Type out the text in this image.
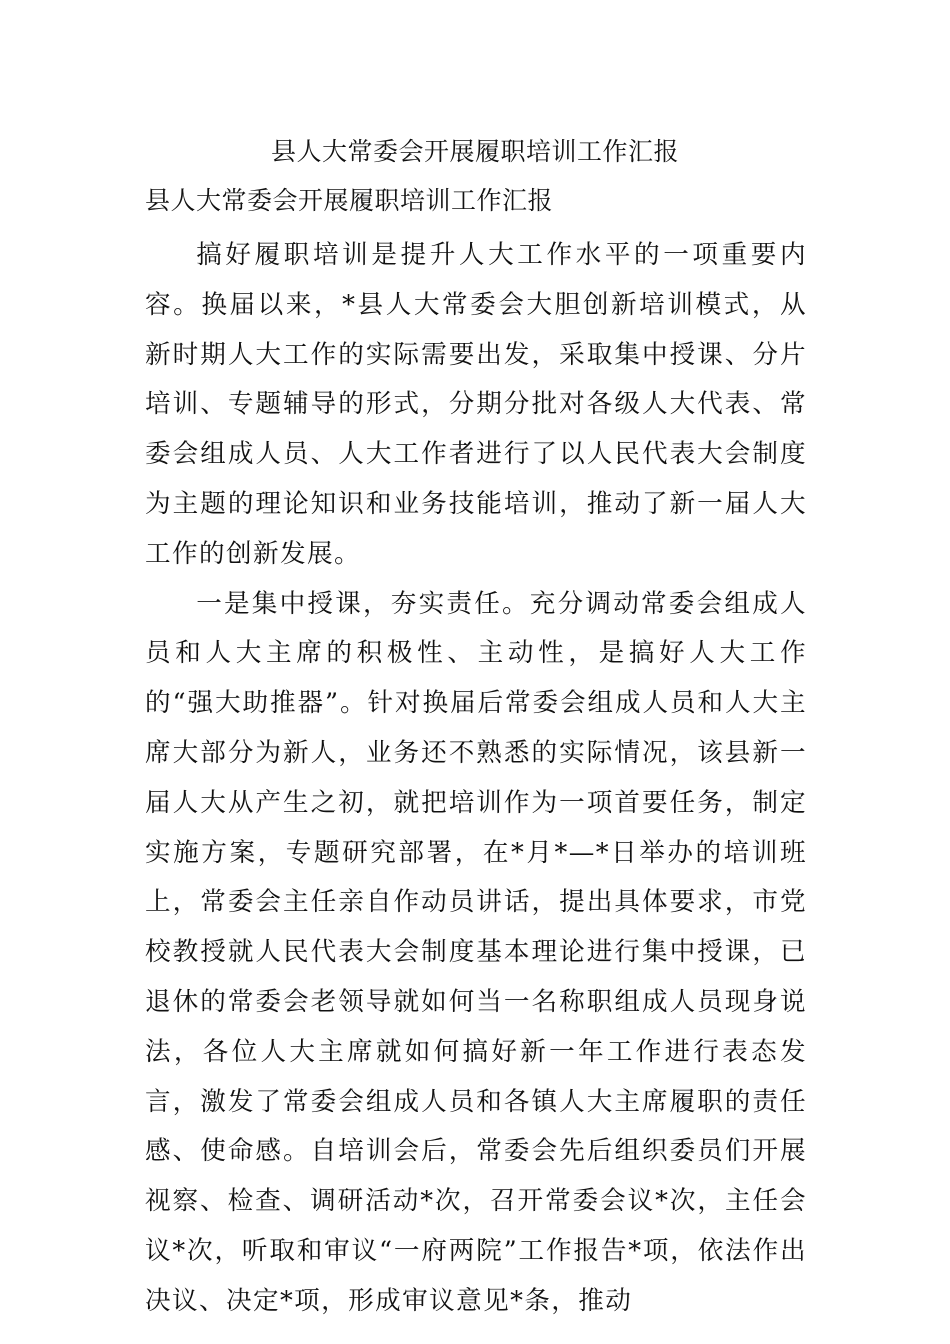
县人大常委会开展履职培训工作汇报

县人大常委会开展履职培训工作汇报

搞好履职培训是提升人大工作水平的一项重要内容。换届以来，*县人大常委会大胆创新培训模式，从新时期人大工作的实际需要出发，采取集中授课、分片培训、专题辅导的形式，分期分批对各级人大代表、常委会组成人员、人大工作者进行了以人民代表大会制度为主题的理论知识和业务技能培训，推动了新一届人大工作的创新发展。

一是集中授课，夯实责任。充分调动常委会组成人员和人大主席的积极性、主动性，是搞好人大工作的“强大助推器”。针对换届后常委会组成人员和人大主席大部分为新人，业务还不熟悉的实际情况，该县新一届人大从产生之初，就把培训作为一项首要任务，制定实施方案，专题研究部署，在*月*—*日举办的培训班上，常委会主任亲自作动员讲话，提出具体要求，市党校教授就人民代表大会制度基本理论进行集中授课，已退休的常委会老领导就如何当一名称职组成人员现身说法，各位人大主席就如何搞好新一年工作进行表态发言，激发了常委会组成人员和各镇人大主席履职的责任感、使命感。自培训会后，常委会先后组织委员们开展视察、检查、调研活动*次，召开常委会议*次，主任会议*次，听取和审议“一府两院”工作报告*项，依法作出决议、决定*项，形成审议意见*条，推动
